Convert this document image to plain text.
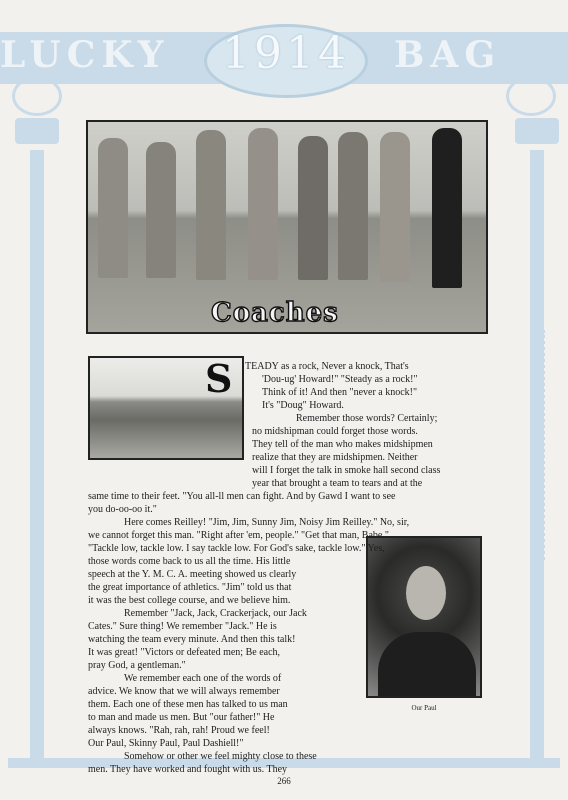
LUCKY	BAG
1914
Coaches
Our Paul
S TEADY as a rock, Never a knock, That's
'Dou-ug' Howard!" "Steady as a rock!"
Think of it! And then "never a knock!"
It's "Doug" Howard.
Remember those words? Certainly;
no midshipman could forget those words.
They tell of the man who makes midshipmen
realize that they are midshipmen. Neither
will I forget the talk in smoke hall second class
year that brought a team to tears and at the
same time to their feet. "You all-ll men can fight. And by Gawd I want to see
you do-oo-oo it."
Here comes Reilley! "Jim, Jim, Sunny Jim, Noisy Jim Reilley." No, sir,
we cannot forget this man. "Right after 'em, people." "Get that man, Babe."
"Tackle low, tackle low. I say tackle low. For God's sake, tackle low." Yes,
those words come back to us all the time. His little
speech at the Y. M. C. A. meeting showed us clearly
the great importance of athletics. "Jim" told us that
it was the best college course, and we believe him.
Remember "Jack, Jack, Crackerjack, our Jack
Cates." Sure thing! We remember "Jack." He is
watching the team every minute. And then this talk!
It was great! "Victors or defeated men; Be each,
pray God, a gentleman."
We remember each one of the words of
advice. We know that we will always remember
them. Each one of these men has talked to us man
to man and made us men. But "our father!" He
always knows. "Rah, rah, rah! Proud we feel!
Our Paul, Skinny Paul, Paul Dashiell!"
Somehow or other we feel mighty close to these
men. They have worked and fought with us. They
266
